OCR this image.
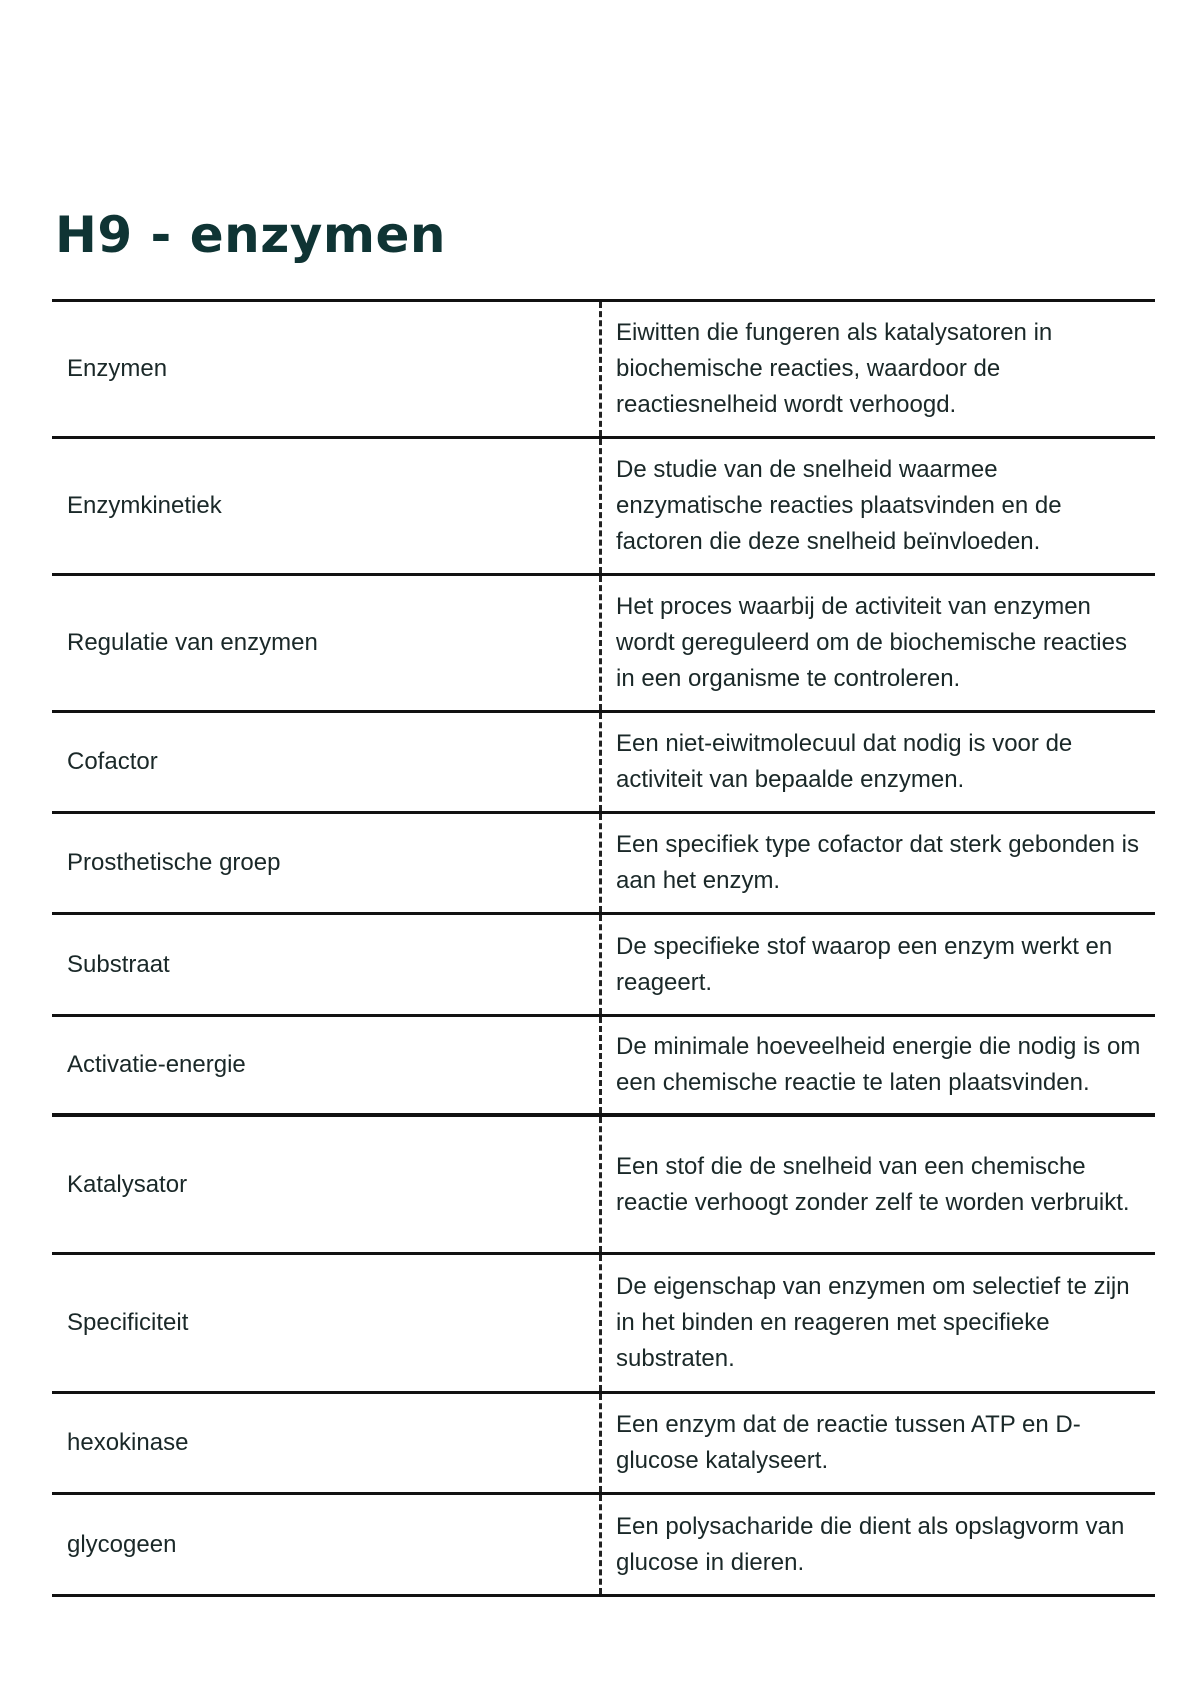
H9 - enzymen
Enzymen
Eiwitten die fungeren als katalysatoren in biochemische reacties, waardoor de reactiesnelheid wordt verhoogd.
Enzymkinetiek
De studie van de snelheid waarmee enzymatische reacties plaatsvinden en de factoren die deze snelheid beïnvloeden.
Regulatie van enzymen
Het proces waarbij de activiteit van enzymen wordt gereguleerd om de biochemische reacties in een organisme te controleren.
Cofactor
Een niet-eiwitmolecuul dat nodig is voor de activiteit van bepaalde enzymen.
Prosthetische groep
Een specifiek type cofactor dat sterk gebonden is aan het enzym.
Substraat
De specifieke stof waarop een enzym werkt en reageert.
Activatie-energie
De minimale hoeveelheid energie die nodig is om een chemische reactie te laten plaatsvinden.
Katalysator
Een stof die de snelheid van een chemische reactie verhoogt zonder zelf te worden verbruikt.
Specificiteit
De eigenschap van enzymen om selectief te zijn in het binden en reageren met specifieke substraten.
hexokinase
Een enzym dat de reactie tussen ATP en D-glucose katalyseert.
glycogeen
Een polysacharide die dient als opslagvorm van glucose in dieren.
